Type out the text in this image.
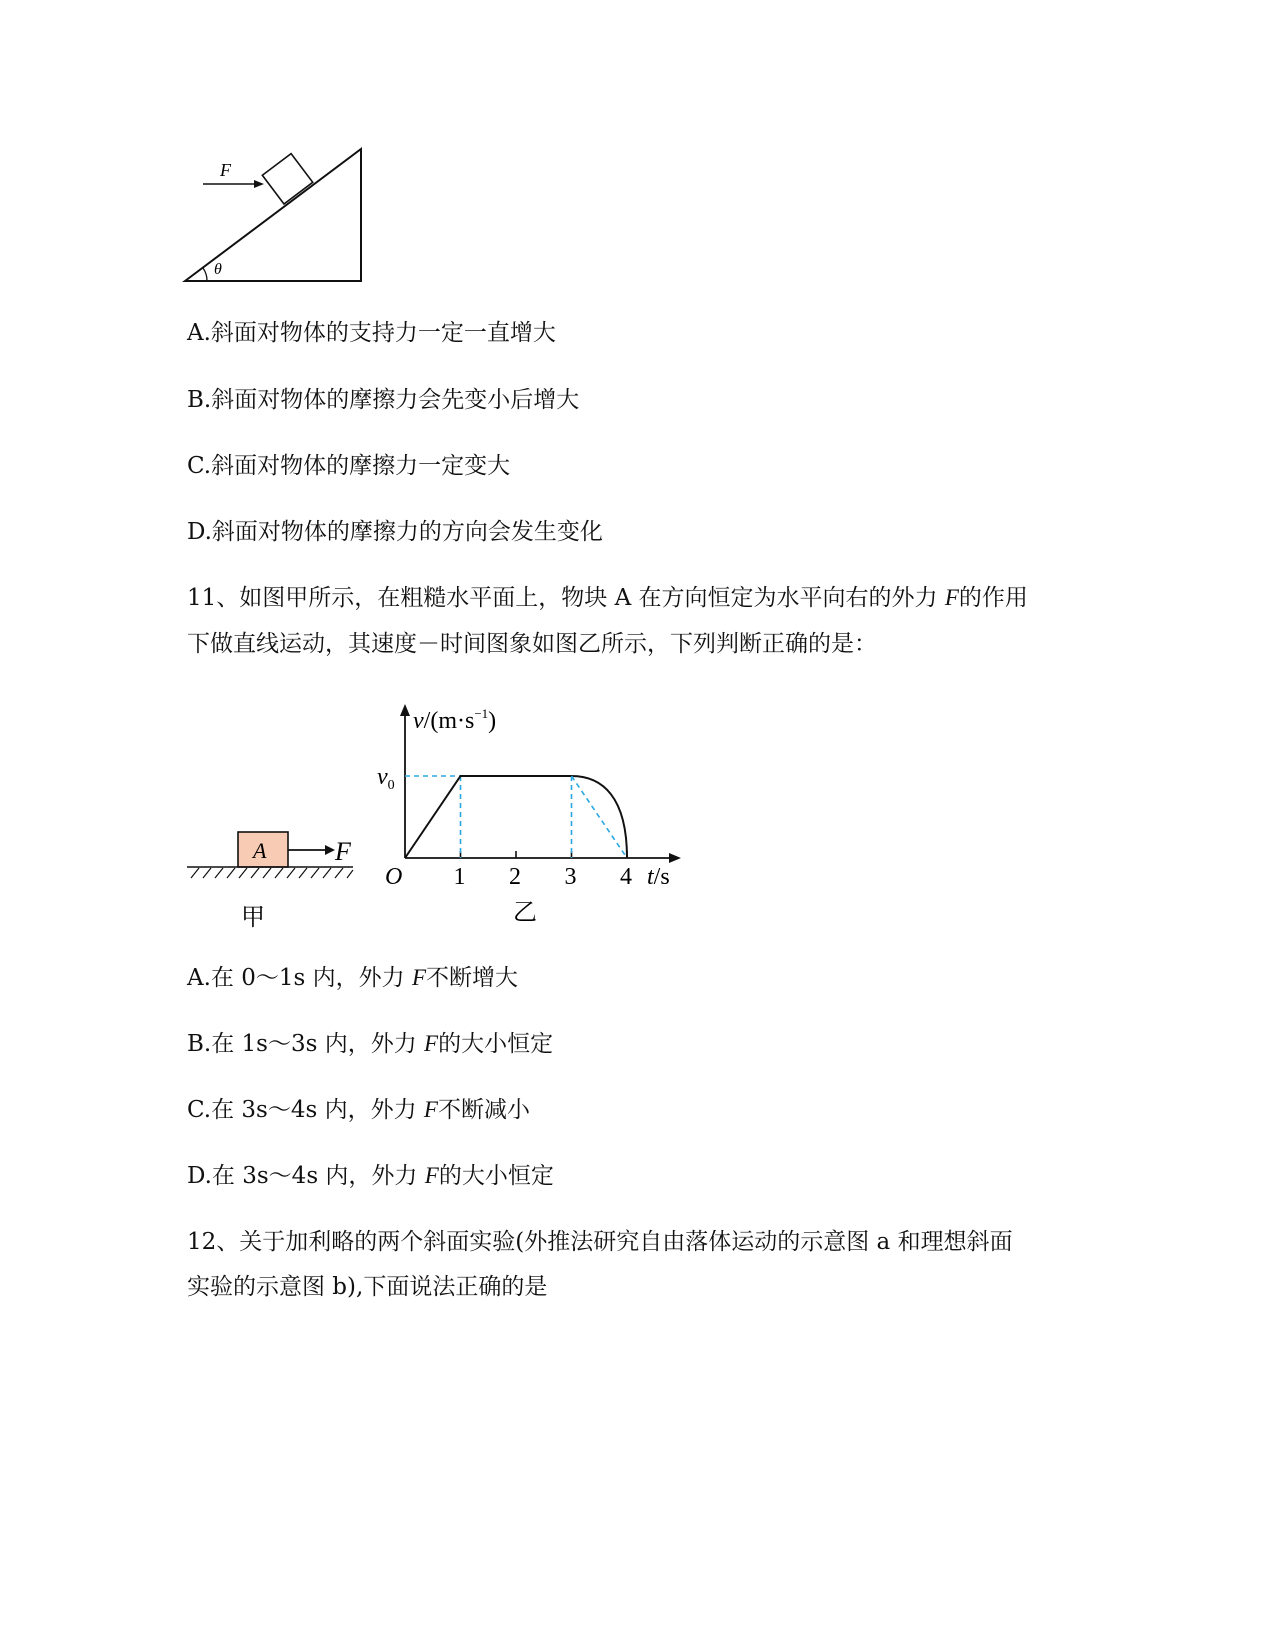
F
θ
A.斜面对物体的支持力一定一直增大
B.斜面对物体的摩擦力会先变小后增大
C.斜面对物体的摩擦力一定变大
D.斜面对物体的摩擦力的方向会发生变化
11、如图甲所示，在粗糙水平面上，物块 A 在方向恒定为水平向右的外力 F的作用
下做直线运动，其速度－时间图象如图乙所示，下列判断正确的是：
A	F
甲
$v/(m\cdot s^{-1})$
$v_0$
O 1 2 3 4 t/s
乙
A.在 0～1s 内，外力 F不断增大
B.在 1s～3s 内，外力 F的大小恒定
C.在 3s～4s 内，外力 F不断减小
D.在 3s～4s 内，外力 F的大小恒定
12、关于加利略的两个斜面实验(外推法研究自由落体运动的示意图 a 和理想斜面
实验的示意图 b),下面说法正确的是
